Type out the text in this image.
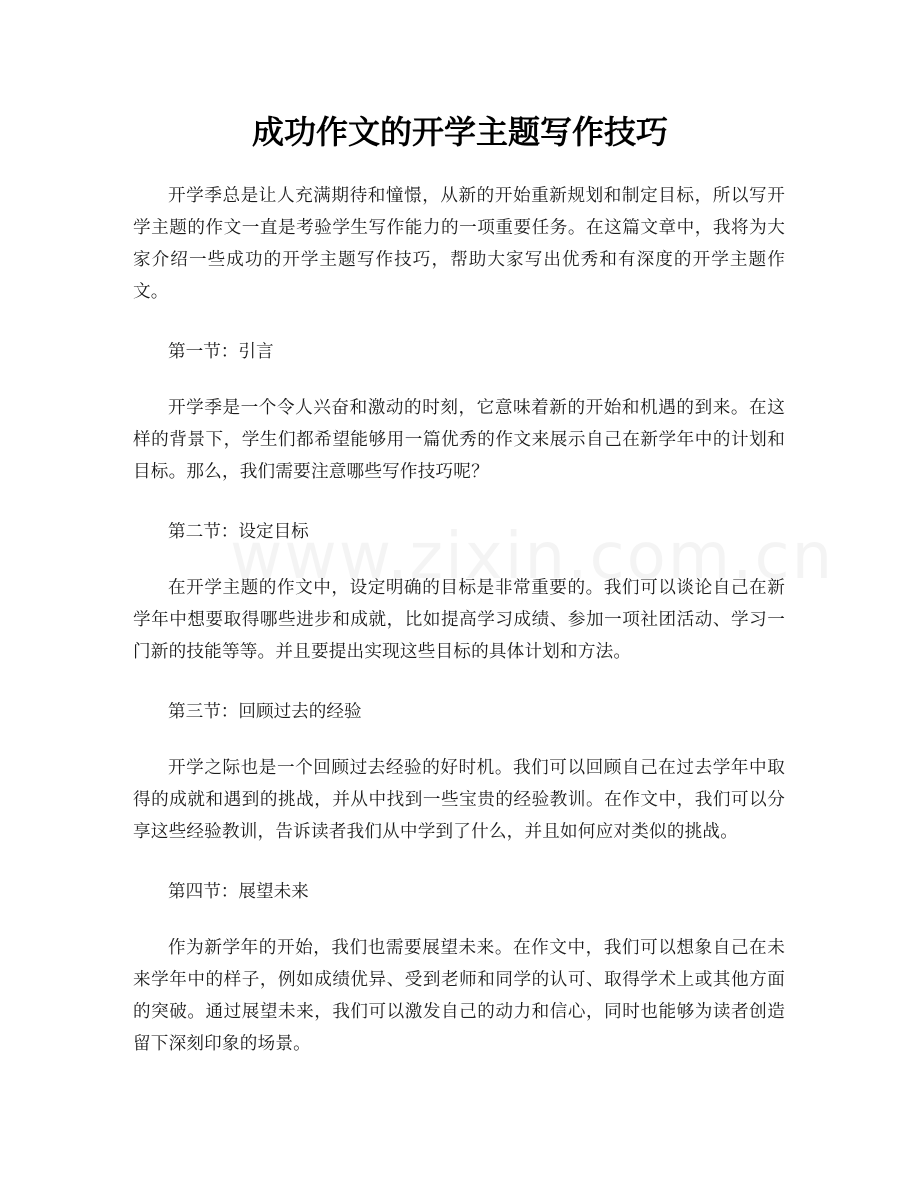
成功作文的开学主题写作技巧

开学季总是让人充满期待和憧憬，从新的开始重新规划和制定目标，所以写开学主题的作文一直是考验学生写作能力的一项重要任务。在这篇文章中，我将为大家介绍一些成功的开学主题写作技巧，帮助大家写出优秀和有深度的开学主题作文。

第一节：引言

开学季是一个令人兴奋和激动的时刻，它意味着新的开始和机遇的到来。在这样的背景下，学生们都希望能够用一篇优秀的作文来展示自己在新学年中的计划和目标。那么，我们需要注意哪些写作技巧呢？

第二节：设定目标

在开学主题的作文中，设定明确的目标是非常重要的。我们可以谈论自己在新学年中想要取得哪些进步和成就，比如提高学习成绩、参加一项社团活动、学习一门新的技能等等。并且要提出实现这些目标的具体计划和方法。

第三节：回顾过去的经验

开学之际也是一个回顾过去经验的好时机。我们可以回顾自己在过去学年中取得的成就和遇到的挑战，并从中找到一些宝贵的经验教训。在作文中，我们可以分享这些经验教训，告诉读者我们从中学到了什么，并且如何应对类似的挑战。

第四节：展望未来

作为新学年的开始，我们也需要展望未来。在作文中，我们可以想象自己在未来学年中的样子，例如成绩优异、受到老师和同学的认可、取得学术上或其他方面的突破。通过展望未来，我们可以激发自己的动力和信心，同时也能够为读者创造留下深刻印象的场景。
